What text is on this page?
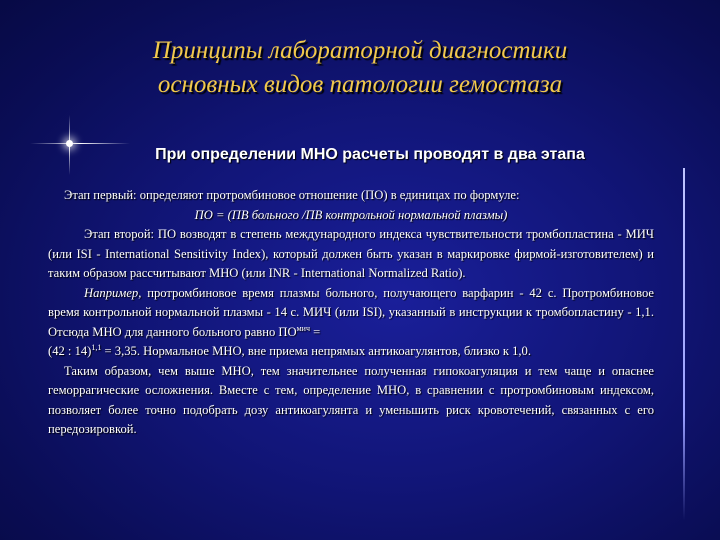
Принципы лабораторной диагностики
основных видов патологии гемостаза
При определении МНО расчеты проводят в два этапа

Этап первый: определяют протромбиновое отношение (ПО) в единицах по формуле:

ПО = (ПВ больного /ПВ контрольной нормальной плазмы)

Этап второй: ПО возводят в степень международного индекса чувствительности тромбопластина - МИЧ (или ISI - International Sensitivity Index), который должен быть указан в маркировке фирмой-изготовителем) и таким образом рассчитывают МНО (или INR - International Normalized Ratio).

Например, протромбиновое время плазмы больного, получающего варфарин - 42 с. Протромбиновое время контрольной нормальной плазмы - 14 с. МИЧ (или ISI), указанный в инструкции к тромбопластину - 1,1. Отсюда МНО для данного больного равно $ПО^{мич}$ =

(42 : 14)$^{1,1}$ = 3,35. Нормальное МНО, вне приема непрямых антикоагулянтов, близко к 1,0.

Таким образом, чем выше МНО, тем значительнее полученная гипокоагуляция и тем чаще и опаснее геморрагические осложнения. Вместе с тем, определение МНО, в сравнении с протромбиновым индексом, позволяет более точно подобрать дозу антикоагулянта и уменьшить риск кровотечений, связанных с его передозировкой.
